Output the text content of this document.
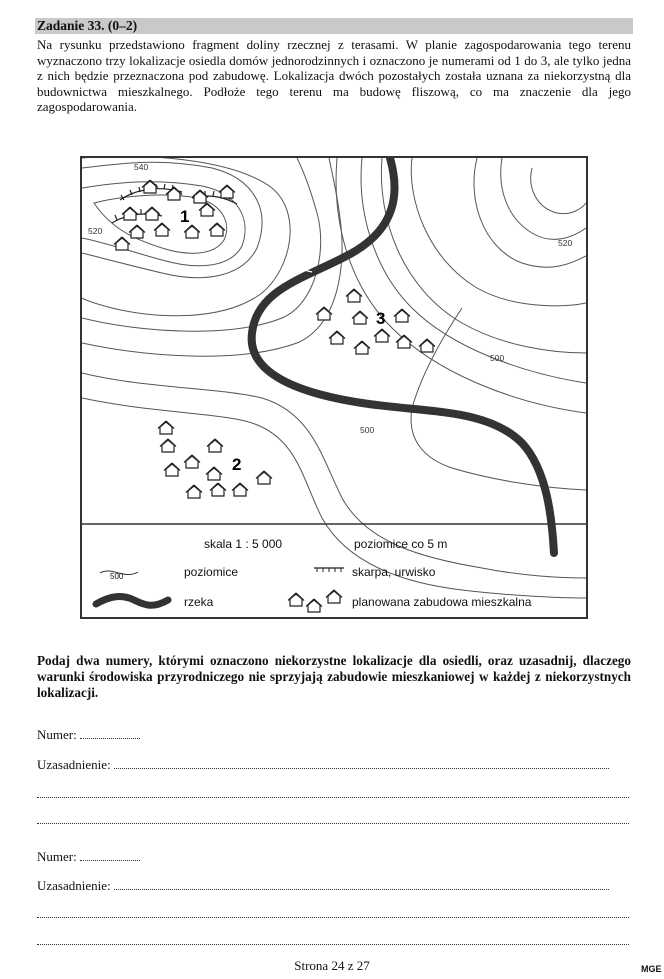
Zadanie 33. (0–2)

Na rysunku przedstawiono fragment doliny rzecznej z terasami. W planie zagospodarowania tego terenu wyznaczono trzy lokalizacje osiedla domów jednorodzinnych i oznaczono je numerami od 1 do 3, ale tylko jedna z nich będzie przeznaczona pod zabudowę. Lokalizacja dwóch pozostałych została uznana za niekorzystną dla budownictwa mieszkalnego. Podłoże tego terenu ma budowę fliszową, co ma znaczenie dla jego zagospodarowania.

1
3
2
540
520
520
500
500
skala 1 : 5 000	poziomice co 5 m
500	poziomice	skarpa, urwisko
rzeka	planowana zabudowa mieszkalna

Podaj dwa numery, którymi oznaczono niekorzystne lokalizacje dla osiedli, oraz uzasadnij, dlaczego warunki środowiska przyrodniczego nie sprzyjają zabudowie mieszkaniowej w każdej z niekorzystnych lokalizacji.

Numer:
Uzasadnienie:
Numer:
Uzasadnienie:
Strona 24 z 27	MGE
